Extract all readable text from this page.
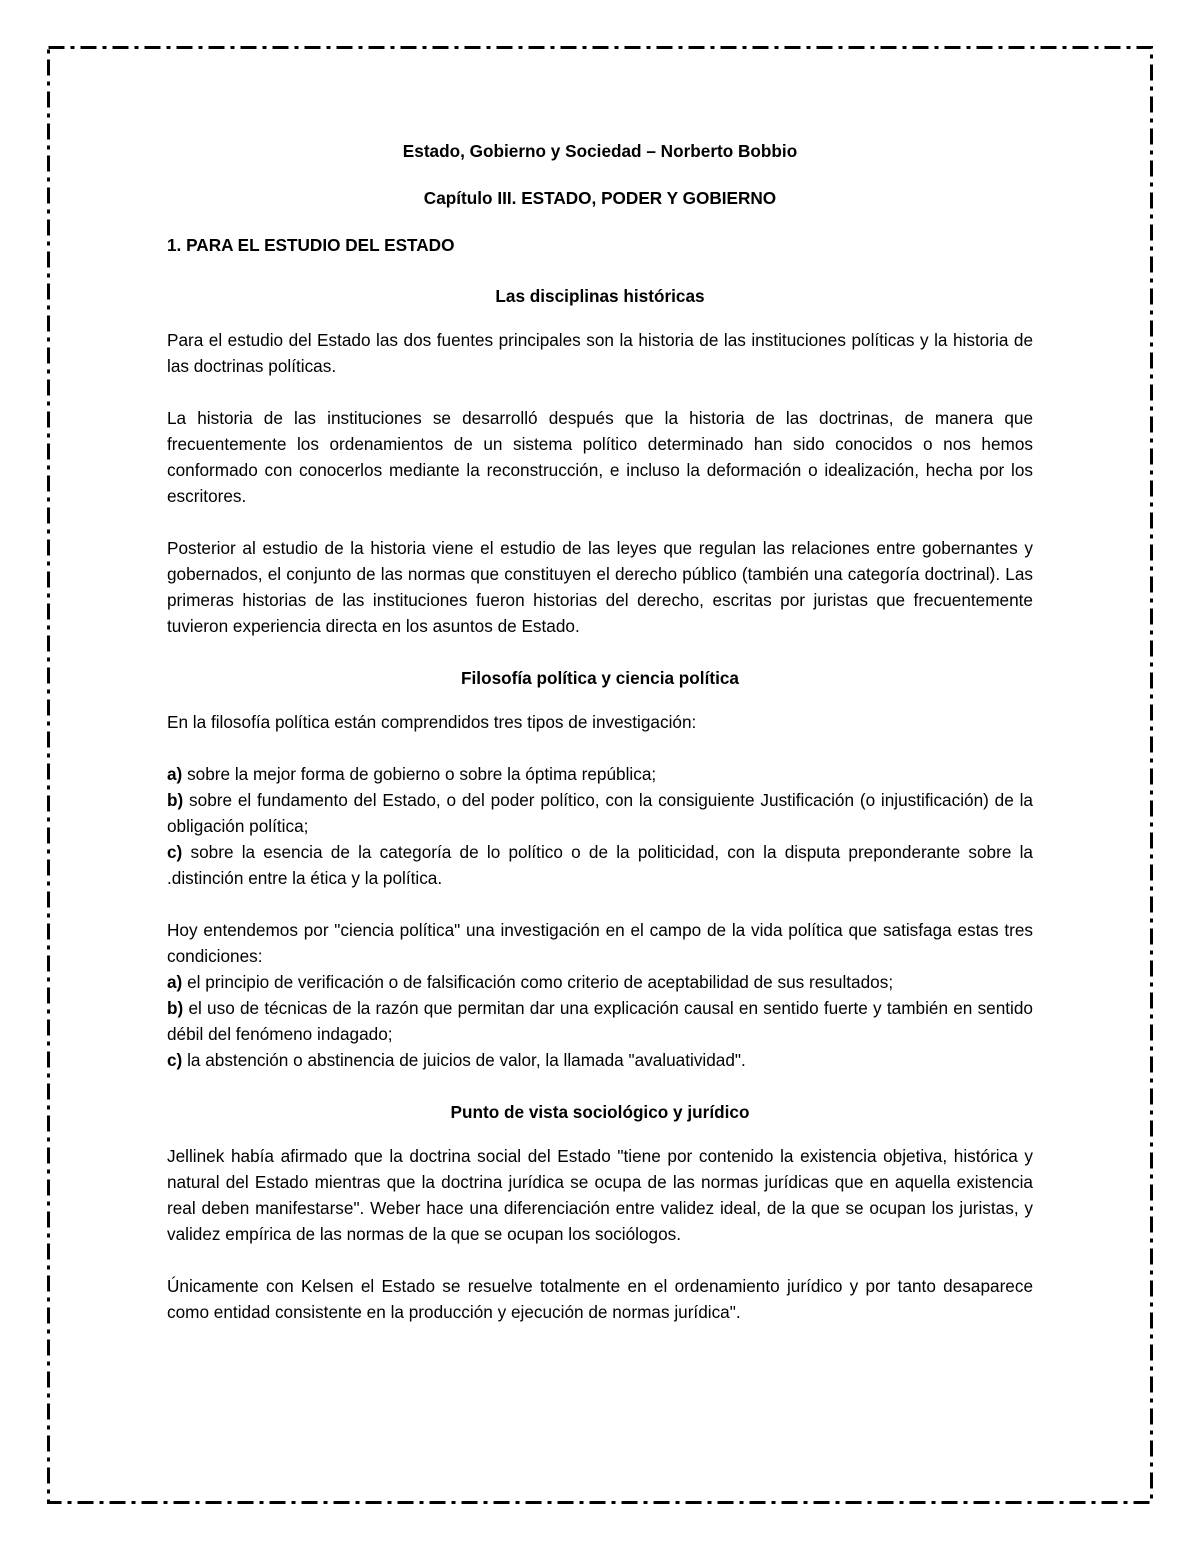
Estado, Gobierno y Sociedad – Norberto Bobbio
Capítulo III. ESTADO, PODER Y GOBIERNO
1. PARA EL ESTUDIO DEL ESTADO
Las disciplinas históricas

Para el estudio del Estado las dos fuentes principales son la historia de las instituciones políticas y la historia de las doctrinas políticas.

La historia de las instituciones se desarrolló después que la historia de las doctrinas, de manera que frecuentemente los ordenamientos de un sistema político determinado han sido conocidos o nos hemos conformado con conocerlos mediante la reconstrucción, e incluso la deformación o idealización, hecha por los escritores.

Posterior al estudio de la historia viene el estudio de las leyes que regulan las relaciones entre gobernantes y gobernados, el conjunto de las normas que constituyen el derecho público (también una categoría doctrinal). Las primeras historias de las instituciones fueron historias del derecho, escritas por juristas que frecuentemente tuvieron experiencia directa en los asuntos de Estado.

Filosofía política y ciencia política

En la filosofía política están comprendidos tres tipos de investigación:

a) sobre la mejor forma de gobierno o sobre la óptima república;
b) sobre el fundamento del Estado, o del poder político, con la consiguiente Justificación (o injustificación) de la obligación política;
c) sobre la esencia de la categoría de lo político o de la politicidad, con la disputa preponderante sobre la .distinción entre la ética y la política.
Hoy entendemos por "ciencia política" una investigación en el campo de la vida política que satisfaga estas tres condiciones:
a) el principio de verificación o de falsificación como criterio de aceptabilidad de sus resultados;
b) el uso de técnicas de la razón que permitan dar una explicación causal en sentido fuerte y también en sentido débil del fenómeno indagado;
c) la abstención o abstinencia de juicios de valor, la llamada "avaluatividad".
Punto de vista sociológico y jurídico

Jellinek había afirmado que la doctrina social del Estado "tiene por contenido la existencia objetiva, histórica y natural del Estado mientras que la doctrina jurídica se ocupa de las normas jurídicas que en aquella existencia real deben manifestarse". Weber hace una diferenciación entre validez ideal, de la que se ocupan los juristas, y validez empírica de las normas de la que se ocupan los sociólogos.

Únicamente con Kelsen el Estado se resuelve totalmente en el ordenamiento jurídico y por tanto desaparece como entidad consistente en la producción y ejecución de normas jurídica".
